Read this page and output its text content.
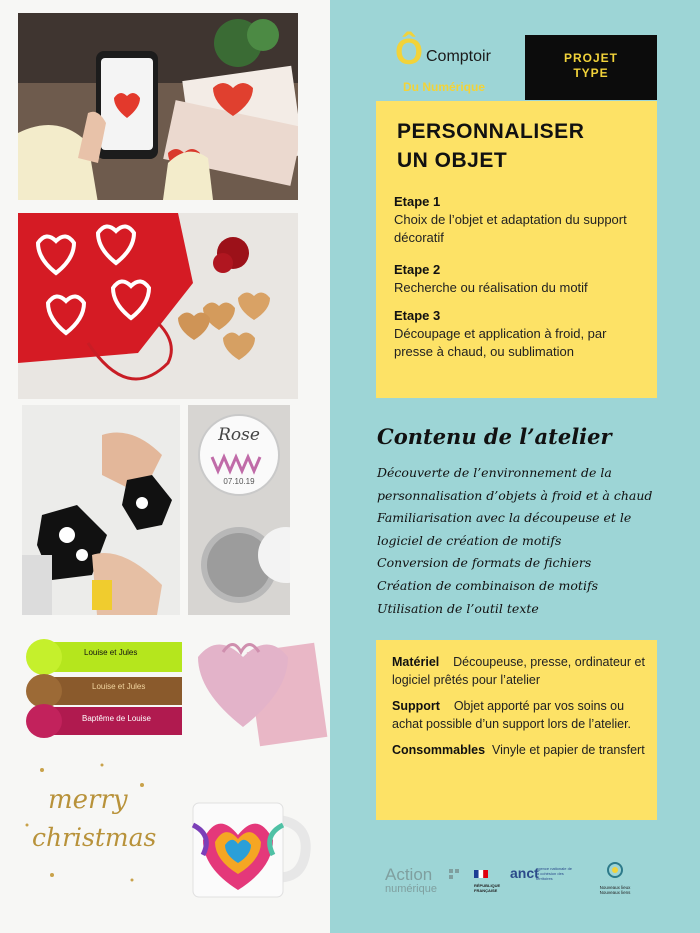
Rose
07.10.19
Louise et Jules
Louise et Jules
Baptême de Louise
merry
christmas
Ô Comptoir
Du Numérique
PROJET
TYPE
PERSONNALISER
UN OBJET
Etape 1
Choix de l’objet et adaptation du support décoratif
Etape 2
Recherche ou réalisation du motif
Etape 3
Découpage et application à froid, par presse à chaud, ou sublimation
Contenu de l’atelier
Découverte de l’environnement de la
personnalisation d’objets à froid et à chaud
Familiarisation avec la découpeuse et le
logiciel de création de motifs
Conversion de formats de fichiers
Création de combinaison de motifs
Utilisation de l’outil texte

Matériel Découpeuse, presse, ordinateur et logiciel prêtés pour l’atelier

Support Objet apporté par vos soins ou achat possible d’un support lors de l’atelier.

Consommables Vinyle et papier de transfert

Action
numérique	RÉPUBLIQUE
FRANÇAISE
anct
agence nationale de la cohésion des territoires
Nouveaux lieux
Nouveaux liens
